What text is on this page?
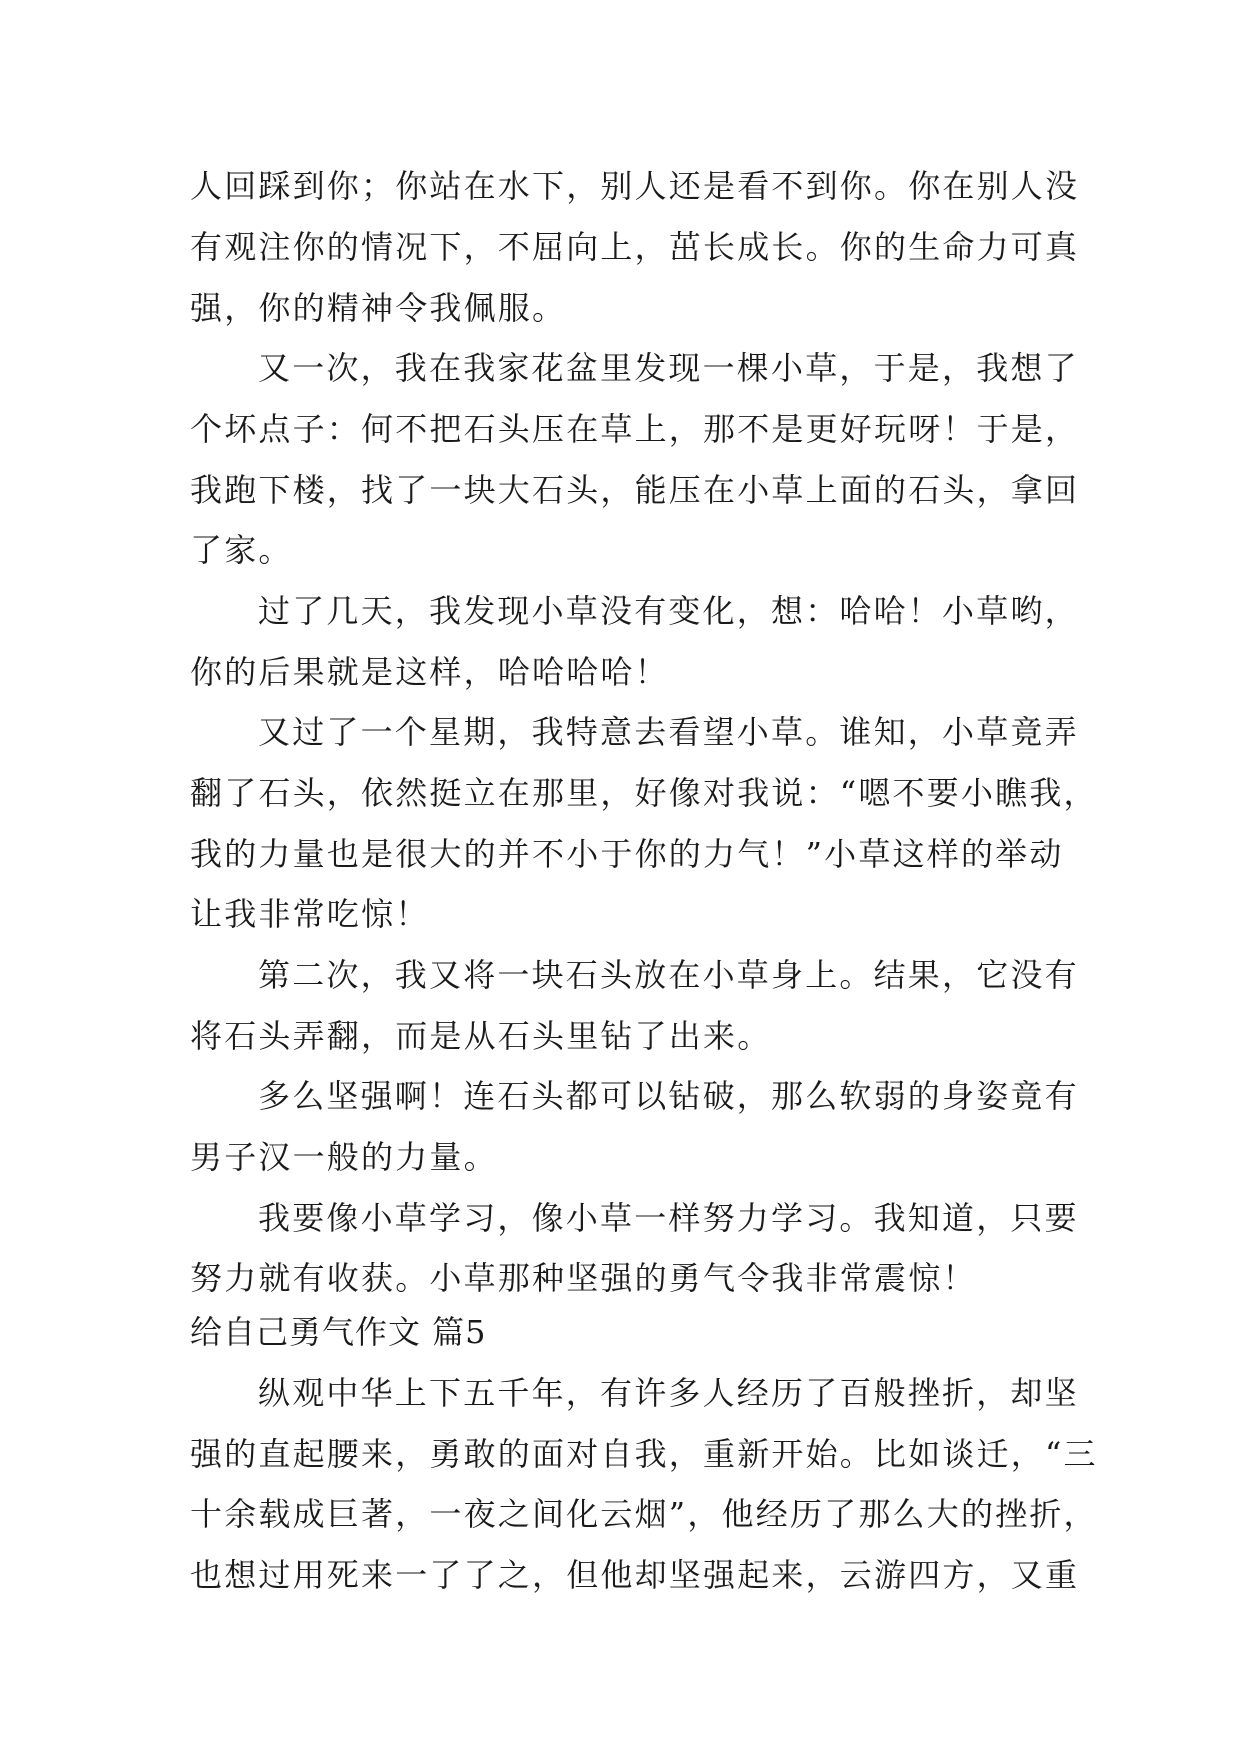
人回踩到你；你站在水下，别人还是看不到你。你在别人没
有观注你的情况下，不屈向上，茁长成长。你的生命力可真
强，你的精神令我佩服。
又一次，我在我家花盆里发现一棵小草，于是，我想了
个坏点子：何不把石头压在草上，那不是更好玩呀！于是，
我跑下楼，找了一块大石头，能压在小草上面的石头，拿回
了家。
过了几天，我发现小草没有变化，想：哈哈！小草哟，
你的后果就是这样，哈哈哈哈！
又过了一个星期，我特意去看望小草。谁知，小草竟弄
翻了石头，依然挺立在那里，好像对我说：“嗯不要小瞧我，
我的力量也是很大的并不小于你的力气！”小草这样的举动
让我非常吃惊！
第二次，我又将一块石头放在小草身上。结果，它没有
将石头弄翻，而是从石头里钻了出来。
多么坚强啊！连石头都可以钻破，那么软弱的身姿竟有
男子汉一般的力量。
我要像小草学习，像小草一样努力学习。我知道，只要
努力就有收获。小草那种坚强的勇气令我非常震惊！
给自己勇气作文 篇5
纵观中华上下五千年，有许多人经历了百般挫折，却坚
强的直起腰来，勇敢的面对自我，重新开始。比如谈迁，“三
十余载成巨著，一夜之间化云烟”，他经历了那么大的挫折，
也想过用死来一了了之，但他却坚强起来，云游四方，又重
